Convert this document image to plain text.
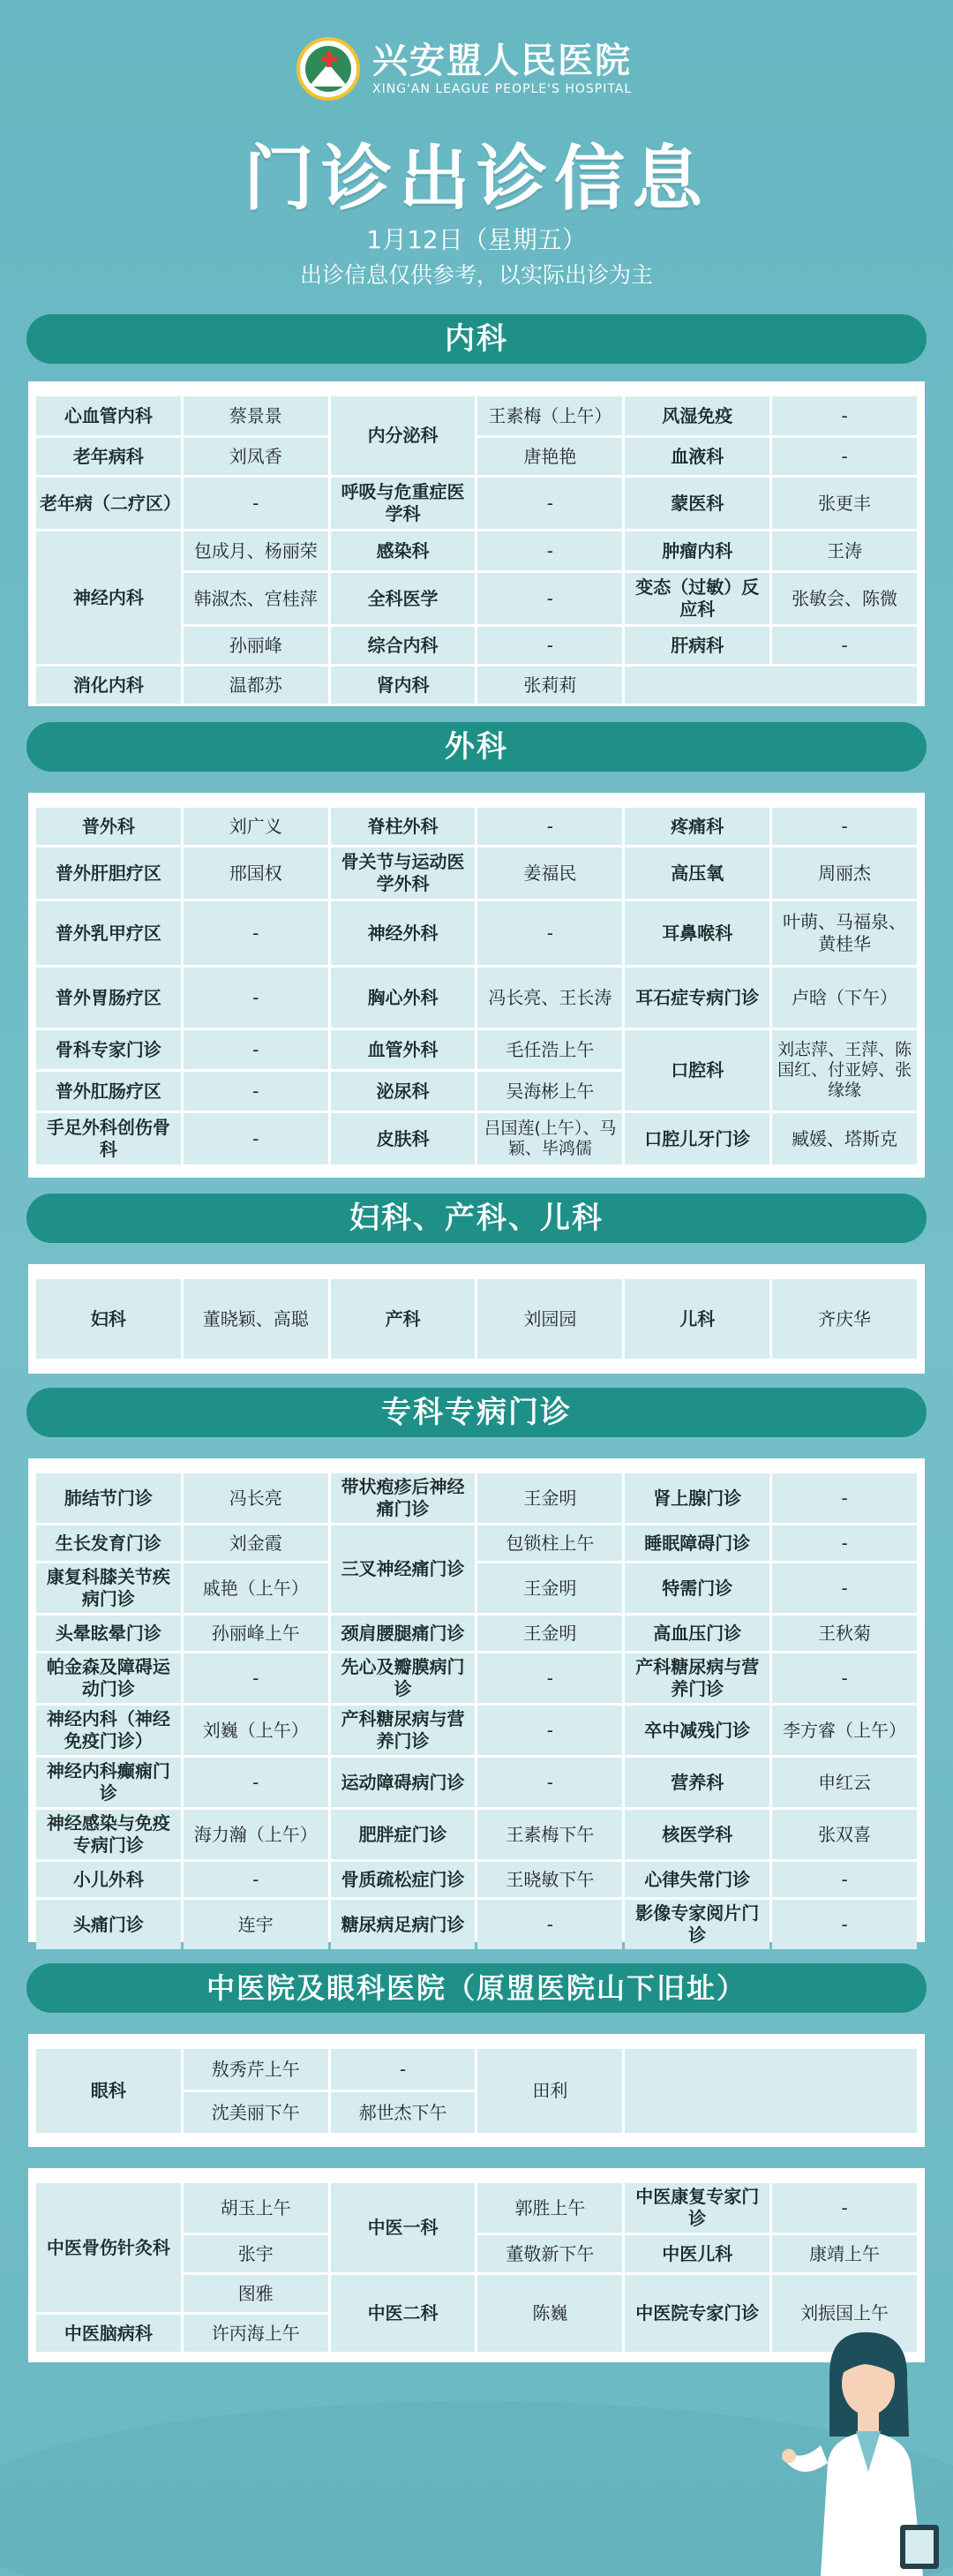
兴安盟人民医院
XING'AN LEAGUE PEOPLE'S HOSPITAL
门诊出诊信息
1月12日（星期五）
出诊信息仅供参考，以实际出诊为主
内科
心血管内科	蔡景景	内分泌科	王素梅（上午）	风湿免疫	-
老年病科	刘凤香		唐艳艳	血液科	-
老年病（二疗区）	-	呼吸与危重症医学科	-	蒙医科	张更丰
神经内科	包成月、杨丽荣	感染科	-	肿瘤内科	王涛
	韩淑杰、宫桂萍	全科医学	-	变态（过敏）反应科	张敏会、陈微
	孙丽峰	综合内科	-	肝病科	-
消化内科	温都苏	肾内科	张莉莉		
外科
普外科	刘广义	脊柱外科	-	疼痛科	-
普外肝胆疗区	邢国权	骨关节与运动医学外科	姜福民	高压氧	周丽杰
普外乳甲疗区	-	神经外科	-	耳鼻喉科	叶萌、马福泉、黄桂华
普外胃肠疗区	-	胸心外科	冯长亮、王长涛	耳石症专病门诊	卢晗（下午）
骨科专家门诊	-	血管外科	毛任浩上午	口腔科	刘志萍、王萍、陈国红、付亚婷、张缘缘
普外肛肠疗区	-	泌尿科	吴海彬上午		
手足外科创伤骨科	-	皮肤科	吕国莲(上午）、马颖、毕鸿儒	口腔儿牙门诊	臧媛、塔斯克
妇科、产科、儿科
妇科	董晓颖、高聪	产科	刘园园	儿科	齐庆华
专科专病门诊
肺结节门诊	冯长亮	带状疱疹后神经痛门诊	王金明	肾上腺门诊	-
生长发育门诊	刘金霞	三叉神经痛门诊	包锁柱上午	睡眠障碍门诊	-
康复科膝关节疾病门诊	戚艳（上午）		王金明	特需门诊	-
头晕眩晕门诊	孙丽峰上午	颈肩腰腿痛门诊	王金明	高血压门诊	王秋菊
帕金森及障碍运动门诊	-	先心及瓣膜病门诊	-	产科糖尿病与营养门诊	-
神经内科（神经免疫门诊）	刘巍（上午）	产科糖尿病与营养门诊	-	卒中减残门诊	李方睿（上午）
神经内科癫痫门诊	-	运动障碍病门诊	-	营养科	申红云
神经感染与免疫专病门诊	海力瀚（上午）	肥胖症门诊	王素梅下午	核医学科	张双喜
小儿外科	-	骨质疏松症门诊	王晓敏下午	心律失常门诊	-
头痛门诊	连宇	糖尿病足病门诊	-	影像专家阅片门诊	-
中医院及眼科医院（原盟医院山下旧址）
眼科	敖秀芹上午	-	田利	
	沈美丽下午	郝世杰下午		
中医骨伤针灸科	胡玉上午	中医一科	郭胜上午	中医康复专家门诊	-
	张宇		董敬新下午	中医儿科	康靖上午
	图雅	中医二科	陈巍	中医院专家门诊	刘振国上午
中医脑病科	许丙海上午				
